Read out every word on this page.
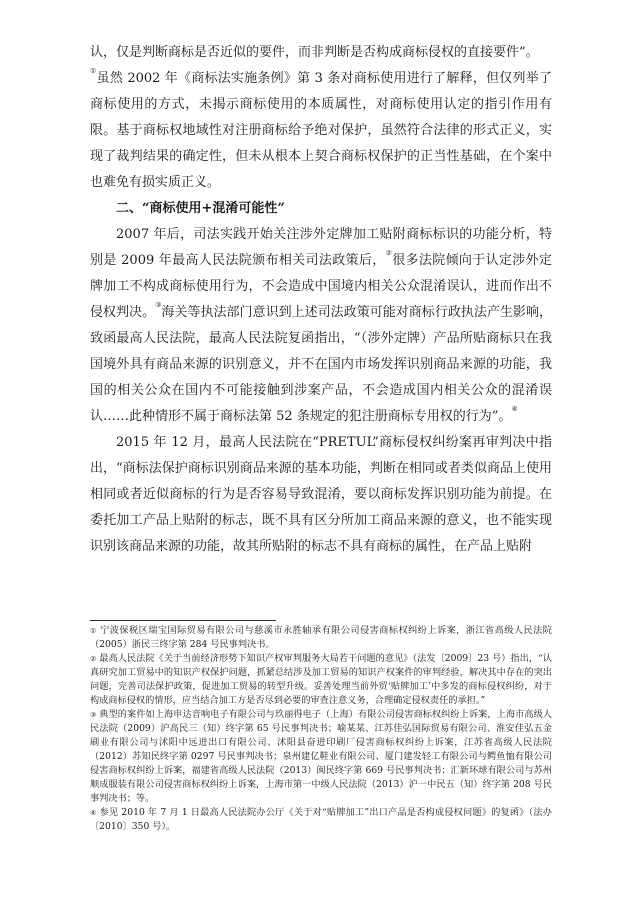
认，仅是判断商标是否近似的要件，而非判断是否构成商标侵权的直接要件”。

①虽然 2002 年《商标法实施条例》第 3 条对商标使用进行了解释，但仅列举了商标使用的方式，未揭示商标使用的本质属性，对商标使用认定的指引作用有限。基于商标权地域性对注册商标给予绝对保护，虽然符合法律的形式正义，实现了裁判结果的确定性，但未从根本上契合商标权保护的正当性基础，在个案中也难免有损实质正义。

二、“商标使用+混淆可能性”

2007 年后，司法实践开始关注涉外定牌加工贴附商标标识的功能分析，特别是 2009 年最高人民法院颁布相关司法政策后，②很多法院倾向于认定涉外定牌加工不构成商标使用行为，不会造成中国境内相关公众混淆误认，进而作出不侵权判决。③海关等执法部门意识到上述司法政策可能对商标行政执法产生影响，致函最高人民法院，最高人民法院复函指出，“（涉外定牌）产品所贴商标只在我国境外具有商品来源的识别意义，并不在国内市场发挥识别商品来源的功能，我国的相关公众在国内不可能接触到涉案产品，不会造成国内相关公众的混淆误认……此种情形不属于商标法第 52 条规定的犯注册商标专用权的行为”。④

2015 年 12 月，最高人民法院在“PRETUL”商标侵权纠纷案再审判决中指出，“商标法保护商标识别商品来源的基本功能，判断在相同或者类似商品上使用相同或者近似商标的行为是否容易导致混淆，要以商标发挥识别功能为前提。在委托加工产品上贴附的标志，既不具有区分所加工商品来源的意义，也不能实现识别该商品来源的功能，故其所贴附的标志不具有商标的属性，在产品上贴附

① 宁波保税区瑞宝国际贸易有限公司与慈溪市永胜轴承有限公司侵害商标权纠纷上诉案，浙江省高级人民法院（2005）浙民三终字第 284 号民事判决书。

② 最高人民法院《关于当前经济形势下知识产权审判服务大局若干问题的意见》（法发〔2009〕23 号）指出，“认真研究加工贸易中的知识产权保护问题，抓紧总结涉及加工贸易的知识产权案件的审判经验，解决其中存在的突出问题，完善司法保护政策，促进加工贸易的转型升级。妥善处理当前外贸‘贴牌加工’中多发的商标侵权纠纷，对于构成商标侵权的情形，应当结合加工方是否尽到必要的审查注意义务，合理确定侵权责任的承担。”

③ 典型的案件如上海申达音响电子有限公司与玖丽得电子（上海）有限公司侵害商标权纠纷上诉案，上海市高级人民法院（2009）沪高民三（知）终字第 65 号民事判决书；喻某某、江苏佳弘国际贸易有限公司、淮安佳弘五金刷业有限公司与沭阳中远进出口有限公司、沭阳县奋进印刷厂侵害商标权纠纷上诉案，江苏省高级人民法院（2012）苏知民终字第 0297 号民事判决书；泉州建亿鞋业有限公司、厦门建发轻工有限公司与鳄鱼恤有限公司侵害商标权纠纷上诉案，福建省高级人民法院（2013）闽民终字第 669 号民事判决书；汇新环球有限公司与苏州顺成服装有限公司侵害商标权纠纷上诉案，上海市第一中级人民法院（2013）沪一中民五（知）终字第 208 号民事判决书；等。

④ 参见 2010 年 7 月 1 日最高人民法院办公厅《关于对“贴牌加工”出口产品是否构成侵权问题》的复函》（法办〔2010〕350 号）。
